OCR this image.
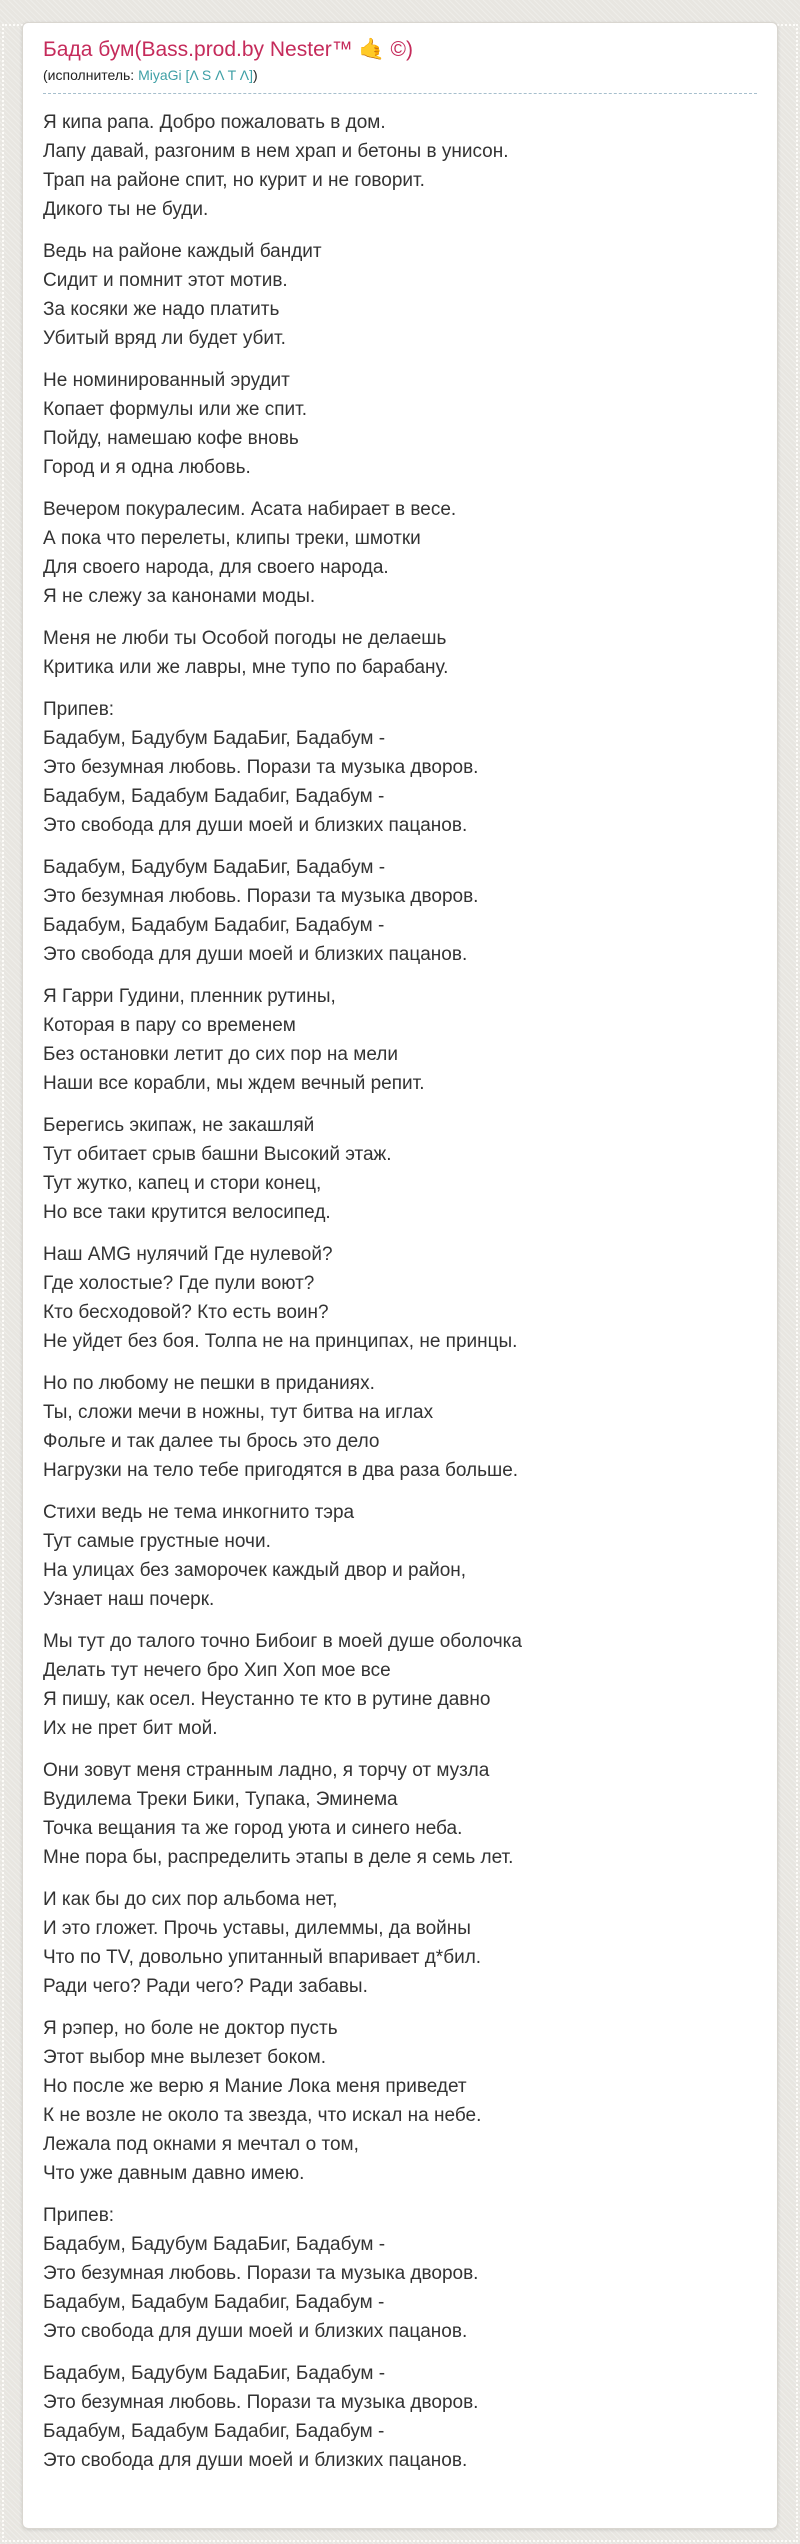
Бада бум(Bass.prod.by Nester™ 🤙 ©)
(исполнитель: MiyaGi [Λ S Λ T Λ])

Я кипа рапа. Добро пожаловать в дом.
Лапу давай, разгоним в нем храп и бетоны в унисон.
Трап на районе спит, но курит и не говорит.
Дикого ты не буди.

Ведь на районе каждый бандит
Сидит и помнит этот мотив.
За косяки же надо платить
Убитый вряд ли будет убит.

Не номинированный эрудит
Копает формулы или же спит.
Пойду, намешаю кофе вновь
Город и я одна любовь.

Вечером покуралесим. Асата набирает в весе.
А пока что перелеты, клипы треки, шмотки
Для своего народа, для своего народа.
Я не слежу за канонами моды.

Меня не люби ты Особой погоды не делаешь
Критика или же лавры, мне тупо по барабану.

Припев:
Бадабум, Бадубум БадаБиг, Бадабум -
Это безумная любовь. Порази та музыка дворов.
Бадабум, Бадабум Бадабиг, Бадабум -
Это свобода для души моей и близких пацанов.

Бадабум, Бадубум БадаБиг, Бадабум -
Это безумная любовь. Порази та музыка дворов.
Бадабум, Бадабум Бадабиг, Бадабум -
Это свобода для души моей и близких пацанов.

Я Гарри Гудини, пленник рутины,
Которая в пару со временем
Без остановки летит до сих пор на мели
Наши все корабли, мы ждем вечный репит.

Берегись экипаж, не закашляй
Тут обитает срыв башни Высокий этаж.
Тут жутко, капец и стори конец,
Но все таки крутится велосипед.

Наш AMG нулячий Где нулевой?
Где холостые? Где пули воют?
Кто бесходовой? Кто есть воин?
Не уйдет без боя. Толпа не на принципах, не принцы.

Но по любому не пешки в приданиях.
Ты, сложи мечи в ножны, тут битва на иглах
Фольге и так далее ты брось это дело
Нагрузки на тело тебе пригодятся в два раза больше.

Стихи ведь не тема инкогнито тэра
Тут самые грустные ночи.
На улицах без заморочек каждый двор и район,
Узнает наш почерк.

Мы тут до талого точно Бибоиг в моей душе оболочка
Делать тут нечего бро Хип Хоп мое все
Я пишу, как осел. Неустанно те кто в рутине давно
Их не прет бит мой.

Они зовут меня странным ладно, я торчу от музла
Вудилема Треки Бики, Тупака, Эминема
Точка вещания та же город уюта и синего неба.
Мне пора бы, распределить этапы в деле я семь лет.

И как бы до сих пор альбома нет,
И это гложет. Прочь уставы, дилеммы, да войны
Что по TV, довольно упитанный впаривает д*бил.
Ради чего? Ради чего? Ради забавы.

Я рэпер, но боле не доктор пусть
Этот выбор мне вылезет боком.
Но после же верю я Мание Лока меня приведет
К не возле не около та звезда, что искал на небе.
Лежала под окнами я мечтал о том,
Что уже давным давно имею.

Припев:
Бадабум, Бадубум БадаБиг, Бадабум -
Это безумная любовь. Порази та музыка дворов.
Бадабум, Бадабум Бадабиг, Бадабум -
Это свобода для души моей и близких пацанов.

Бадабум, Бадубум БадаБиг, Бадабум -
Это безумная любовь. Порази та музыка дворов.
Бадабум, Бадабум Бадабиг, Бадабум -
Это свобода для души моей и близких пацанов.
